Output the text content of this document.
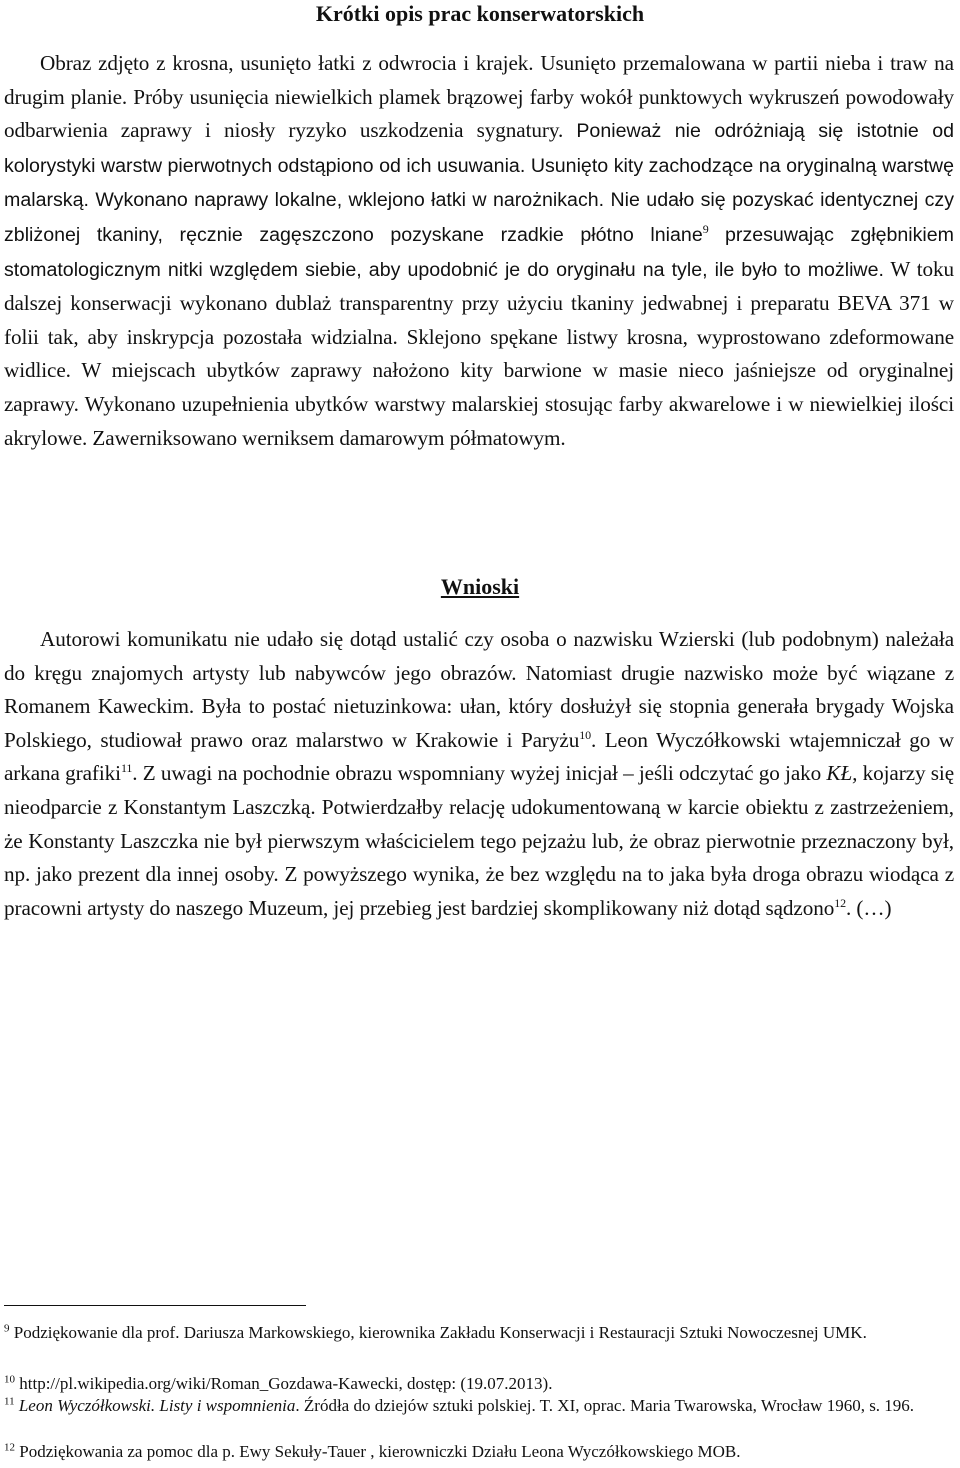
Krótki opis prac konserwatorskich

Obraz zdjęto z krosna, usunięto łatki z odwrocia i krajek. Usunięto przemalowana w partii nieba i traw na drugim planie. Próby usunięcia niewielkich plamek brązowej farby wokół punktowych wykruszeń powodowały odbarwienia zaprawy i niosły ryzyko uszkodzenia sygnatury. Ponieważ nie odróżniają się istotnie od kolorystyki warstw pierwotnych odstąpiono od ich usuwania. Usunięto kity zachodzące na oryginalną warstwę malarską. Wykonano naprawy lokalne, wklejono łatki w narożnikach. Nie udało się pozyskać identycznej czy zbliżonej tkaniny, ręcznie zagęszczono pozyskane rzadkie płótno lniane$^9$ przesuwając zgłębnikiem stomatologicznym nitki względem siebie, aby upodobnić je do oryginału na tyle, ile było to możliwe. W toku dalszej konserwacji wykonano dublaż transparentny przy użyciu tkaniny jedwabnej i preparatu BEVA 371 w folii tak, aby inskrypcja pozostała widzialna. Sklejono spękane listwy krosna, wyprostowano zdeformowane widlice. W miejscach ubytków zaprawy nałożono kity barwione w masie nieco jaśniejsze od oryginalnej zaprawy. Wykonano uzupełnienia ubytków warstwy malarskiej stosując farby akwarelowe i w niewielkiej ilości akrylowe. Zawerniksowano werniksem damarowym półmatowym.

Wnioski

Autorowi komunikatu nie udało się dotąd ustalić czy osoba o nazwisku Wzierski (lub podobnym) należała do kręgu znajomych artysty lub nabywców jego obrazów. Natomiast drugie nazwisko może być wiązane z Romanem Kaweckim. Była to postać nietuzinkowa: ułan, który dosłużył się stopnia generała brygady Wojska Polskiego, studiował prawo oraz malarstwo w Krakowie i Paryżu$^{10}$. Leon Wyczółkowski wtajemniczał go w arkana grafiki$^{11}$. Z uwagi na pochodnie obrazu wspomniany wyżej inicjał – jeśli odczytać go jako KŁ, kojarzy się nieodparcie z Konstantym Laszczką. Potwierdzałby relację udokumentowaną w karcie obiektu z zastrzeżeniem, że Konstanty Laszczka nie był pierwszym właścicielem tego pejzażu lub, że obraz pierwotnie przeznaczony był, np. jako prezent dla innej osoby. Z powyższego wynika, że bez względu na to jaka była droga obrazu wiodąca z pracowni artysty do naszego Muzeum, jej przebieg jest bardziej skomplikowany niż dotąd sądzono$^{12}$. (…)

$^9$ Podziękowanie dla prof. Dariusza Markowskiego, kierownika Zakładu Konserwacji i Restauracji Sztuki Nowoczesnej UMK.

$^{10}$ http://pl.wikipedia.org/wiki/Roman_Gozdawa-Kawecki, dostęp: (19.07.2013).

$^{11}$ Leon Wyczółkowski. Listy i wspomnienia. Źródła do dziejów sztuki polskiej. T. XI, oprac. Maria Twarowska, Wrocław 1960, s. 196.

$^{12}$ Podziękowania za pomoc dla p. Ewy Sekuły-Tauer , kierowniczki Działu Leona Wyczółkowskiego MOB.
